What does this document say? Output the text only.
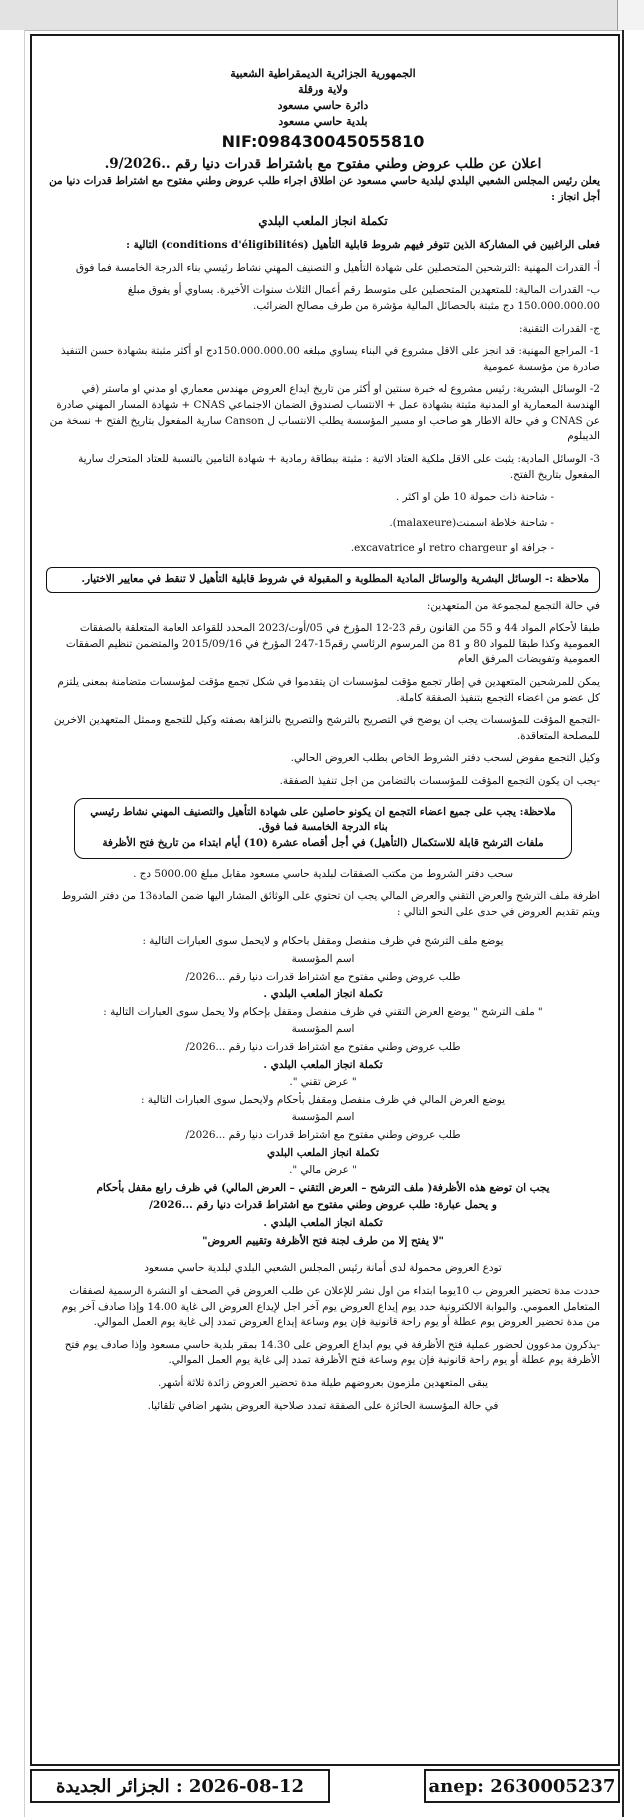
الجمهورية الجزائرية الديمقراطية الشعبية
ولاية ورقلة
دائرة حاسي مسعود
بلدية حاسي مسعود
NIF:098430045055810
اعلان عن طلب عروض وطني مفتوح مع باشتراط قدرات دنيا رقم ..9/2026.

يعلن رئيس المجلس الشعبي البلدي لبلدية حاسي مسعود عن اطلاق اجراء طلب عروض وطني مفتوح مع اشتراط قدرات دنيا من أجل انجاز :

تكملة انجاز الملعب البلدي

فعلى الراغبين في المشاركة الذين تتوفر فيهم شروط قابلية التأهيل (conditions d'éligibilités) التالية :

أ- القدرات المهنية :الترشحين المتحصلين على شهادة التأهيل و التصنيف المهني نشاط رئيسي بناء الدرجة الخامسة فما فوق

ب- القدرات المالية: للمتعهدين المتحصلين على متوسط رقم أعمال الثلاث سنوات الأخيرة. يساوي أو يفوق مبلغ 150.000.000.00 دج مثبتة بالحصائل المالية مؤشرة من طرف مصالح الضرائب.

ج- القدرات التقنية:

1- المراجع المهنية: قد انجز على الاقل مشروع في البناء يساوي مبلغه 150.000.000.00دج او أكثر مثبتة بشهادة حسن التنفيذ صادرة من مؤسسة عمومية

2- الوسائل البشرية: رئيس مشروع له خبرة سنتين او أكثر من تاريخ ايداع العروض مهندس معماري او مدني او ماستر (في الهندسة المعمارية او المدنية مثبتة بشهادة عمل + الانتساب لصندوق الضمان الاجتماعي CNAS + شهادة المسار المهني صادرة عن CNAS و في حالة الاطار هو صاحب او مسير المؤسسة يطلب الانتساب ل Canson سارية المفعول بتاريخ الفتح + نسخة من الديبلوم

3- الوسائل المادية: يثبت على الاقل ملكية العتاد الاتية : مثبتة ببطاقة رمادية + شهادة التامين بالنسبة للعتاد المتحرك سارية المفعول بتاريخ الفتح.

- شاحنة ذات حمولة 10 طن او اكثر .
- شاحنة خلاطة اسمنت(malaxeure).
- جرافة او retro chargeur او excavatrice.
ملاحظة :- الوسائل البشرية والوسائل المادية المطلوبة و المقبولة في شروط قابلية التأهيل لا تنقط في معايير الاختيار.

في حالة التجمع لمجموعة من المتعهدين:

طبقا لأحكام المواد 44 و 55 من القانون رقم 23-12 المؤرخ في 05/أوت/2023 المحدد للقواعد العامة المتعلقة بالصفقات العمومية وكذا طبقا للمواد 80 و 81 من المرسوم الرئاسي رقم15-247 المؤرخ في 2015/09/16 والمتضمن تنظيم الصفقات العمومية وتفويضات المرفق العام

يمكن للمرشحين المتعهدين في إطار تجمع مؤقت لمؤسسات ان يتقدموا في شكل تجمع مؤقت لمؤسسات متضامنة بمعنى يلتزم كل عضو من اعضاء التجمع بتنفيذ الصفقة كاملة.

-التجمع المؤقت للمؤسسات يجب ان يوضح في التصريح بالترشح والتصريح بالنزاهة بصفته وكيل للتجمع وممثل المتعهدين الاخرين للمصلحة المتعاقدة.

وكيل التجمع مفوض لسحب دفتر الشروط الخاص بطلب العروض الحالي.

-يجب ان يكون التجمع المؤقت للمؤسسات بالتضامن من اجل تنفيذ الصفقة.

ملاحظة: يجب على جميع اعضاء التجمع ان يكونو حاصلين على شهادة التأهيل والتصنيف المهني نشاط رئيسي بناء الدرجة الخامسة فما فوق.
ملفات الترشح قابلة للاستكمال (التأهيل) في أجل أقصاه عشرة (10) أيام ابتداء من تاريخ فتح الأظرفة

سحب دفتر الشروط من مكتب الصفقات لبلدية حاسي مسعود مقابل مبلغ 5000.00 دج .

اظرفة ملف الترشح والعرض التقني والعرض المالي يجب ان تحتوي على الوثائق المشار اليها ضمن المادة13 من دفتر الشروط ويتم تقديم العروض في حدى على النحو التالي :

يوضع ملف الترشح في ظرف منفصل ومقفل باحكام و لايحمل سوى العبارات التالية :
اسم المؤسسة
طلب عروض وطني مفتوح مع اشتراط قدرات دنيا رقم ...2026/
تكملة انجاز الملعب البلدي .
" ملف الترشح " يوضع العرض التقني في ظرف منفصل ومقفل بإحكام ولا يحمل سوى العبارات التالية :
اسم المؤسسة
طلب عروض وطني مفتوح مع اشتراط قدرات دنيا رقم ...2026/
تكملة انجاز الملعب البلدي .
" عرض تقني ".
يوضع العرض المالي في ظرف منفصل ومقفل بأحكام ولايحمل سوى العبارات التالية :
اسم المؤسسة
طلب عروض وطني مفتوح مع اشتراط قدرات دنيا رقم ...2026/
تكملة انجاز الملعب البلدي
" عرض مالي ".
يجب ان توضع هذه الأظرفة( ملف الترشح – العرض التقني – العرض المالي) في ظرف رابع مقفل بأحكام
و يحمل عبارة: طلب عروض وطني مفتوح مع اشتراط قدرات دنيا رقم ...2026/
تكملة انجاز الملعب البلدي .
"لا يفتح إلا من طرف لجنة فتح الأظرفة وتقييم العروض"

تودع العروض محمولة لدى أمانة رئيس المجلس الشعبي البلدي لبلدية حاسي مسعود

حددت مدة تحضير العروض ب 10يوما ابتداء من اول نشر للإعلان عن طلب العروض في الصحف او النشرة الرسمية لصفقات المتعامل العمومي. والبوابة الالكترونية حدد يوم إيداع العروض يوم آخر اجل لإيداع العروض الى غاية 14.00 وإذا صادف آخر يوم من مدة تحضير العروض يوم عطلة أو يوم راحة قانونية فإن يوم وساعة إيداع العروض تمدد إلى غاية يوم العمل الموالي.

-يذكرون مدعوون لحضور عملية فتح الأظرفة في يوم ايداع العروض على 14.30 بمقر بلدية حاسي مسعود وإذا صادف يوم فتح الأظرفة يوم عطلة أو يوم راحة قانونية فإن يوم وساعة فتح الأظرفة تمدد إلى غاية يوم العمل الموالي.

يبقى المتعهدين ملزمون بعروضهم طيلة مدة تحضير العروض زائدة ثلاثة أشهر.

في حالة المؤسسة الحائزة على الصفقة تمدد صلاحية العروض بشهر اضافي تلقائيا.

2026-08-12 : الجزائر الجديدة	anep: 2630005237
